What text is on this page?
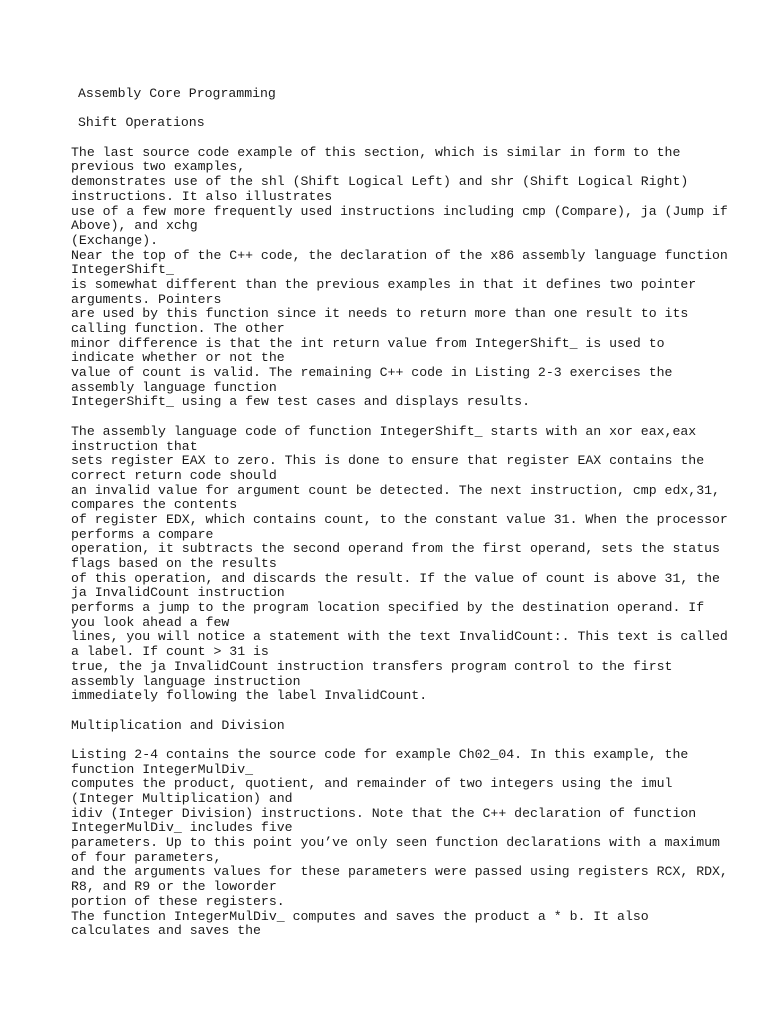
Assembly Core Programming
Shift Operations
The last source code example of this section, which is similar in form to the
previous two examples,
demonstrates use of the shl (Shift Logical Left) and shr (Shift Logical Right)
instructions. It also illustrates
use of a few more frequently used instructions including cmp (Compare), ja (Jump if
Above), and xchg
(Exchange).
Near the top of the C++ code, the declaration of the x86 assembly language function
IntegerShift_
is somewhat different than the previous examples in that it defines two pointer
arguments. Pointers
are used by this function since it needs to return more than one result to its
calling function. The other
minor difference is that the int return value from IntegerShift_ is used to
indicate whether or not the
value of count is valid. The remaining C++ code in Listing 2-3 exercises the
assembly language function
IntegerShift_ using a few test cases and displays results.
The assembly language code of function IntegerShift_ starts with an xor eax,eax
instruction that
sets register EAX to zero. This is done to ensure that register EAX contains the
correct return code should
an invalid value for argument count be detected. The next instruction, cmp edx,31,
compares the contents
of register EDX, which contains count, to the constant value 31. When the processor
performs a compare
operation, it subtracts the second operand from the first operand, sets the status
flags based on the results
of this operation, and discards the result. If the value of count is above 31, the
ja InvalidCount instruction
performs a jump to the program location specified by the destination operand. If
you look ahead a few
lines, you will notice a statement with the text InvalidCount:. This text is called
a label. If count > 31 is
true, the ja InvalidCount instruction transfers program control to the first
assembly language instruction
immediately following the label InvalidCount.
Multiplication and Division
Listing 2-4 contains the source code for example Ch02_04. In this example, the
function IntegerMulDiv_
computes the product, quotient, and remainder of two integers using the imul
(Integer Multiplication) and
idiv (Integer Division) instructions. Note that the C++ declaration of function
IntegerMulDiv_ includes five
parameters. Up to this point you’ve only seen function declarations with a maximum
of four parameters,
and the arguments values for these parameters were passed using registers RCX, RDX,
R8, and R9 or the loworder
portion of these registers.
The function IntegerMulDiv_ computes and saves the product a * b. It also
calculates and saves the
